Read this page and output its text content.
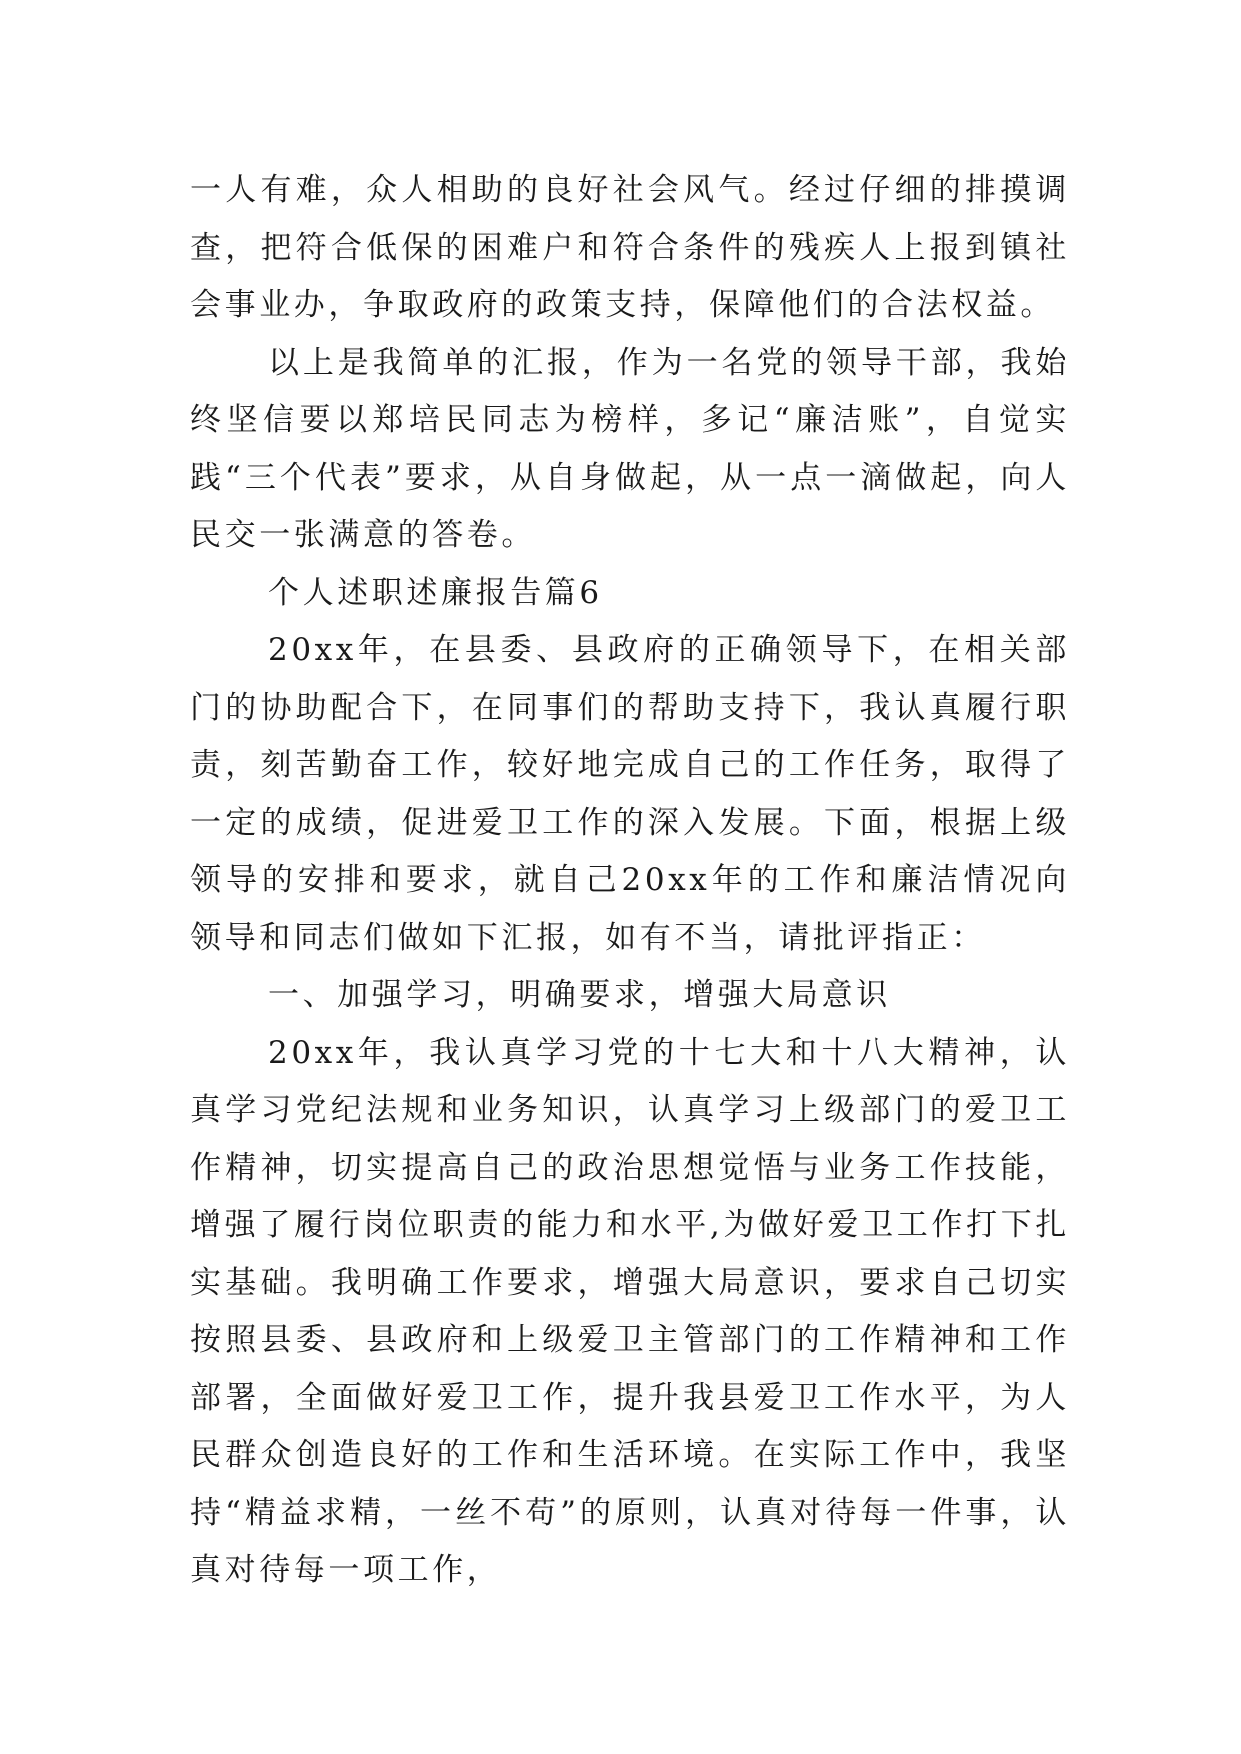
一人有难，众人相助的良好社会风气。经过仔细的排摸调查，把符合低保的困难户和符合条件的残疾人上报到镇社会事业办，争取政府的政策支持，保障他们的合法权益。

以上是我简单的汇报，作为一名党的领导干部，我始终坚信要以郑培民同志为榜样，多记“廉洁账”，自觉实践“三个代表”要求，从自身做起，从一点一滴做起，向人民交一张满意的答卷。

个人述职述廉报告篇6

20xx年，在县委、县政府的正确领导下，在相关部门的协助配合下，在同事们的帮助支持下，我认真履行职责，刻苦勤奋工作，较好地完成自己的工作任务，取得了一定的成绩，促进爱卫工作的深入发展。下面，根据上级领导的安排和要求，就自己20xx年的工作和廉洁情况向领导和同志们做如下汇报，如有不当，请批评指正：

一、加强学习，明确要求，增强大局意识

20xx年，我认真学习党的十七大和十八大精神，认真学习党纪法规和业务知识，认真学习上级部门的爱卫工作精神，切实提高自己的政治思想觉悟与业务工作技能，增强了履行岗位职责的能力和水平,为做好爱卫工作打下扎实基础。我明确工作要求，增强大局意识，要求自己切实按照县委、县政府和上级爱卫主管部门的工作精神和工作部署，全面做好爱卫工作，提升我县爱卫工作水平，为人民群众创造良好的工作和生活环境。在实际工作中，我坚持“精益求精，一丝不苟”的原则，认真对待每一件事，认真对待每一项工作，
